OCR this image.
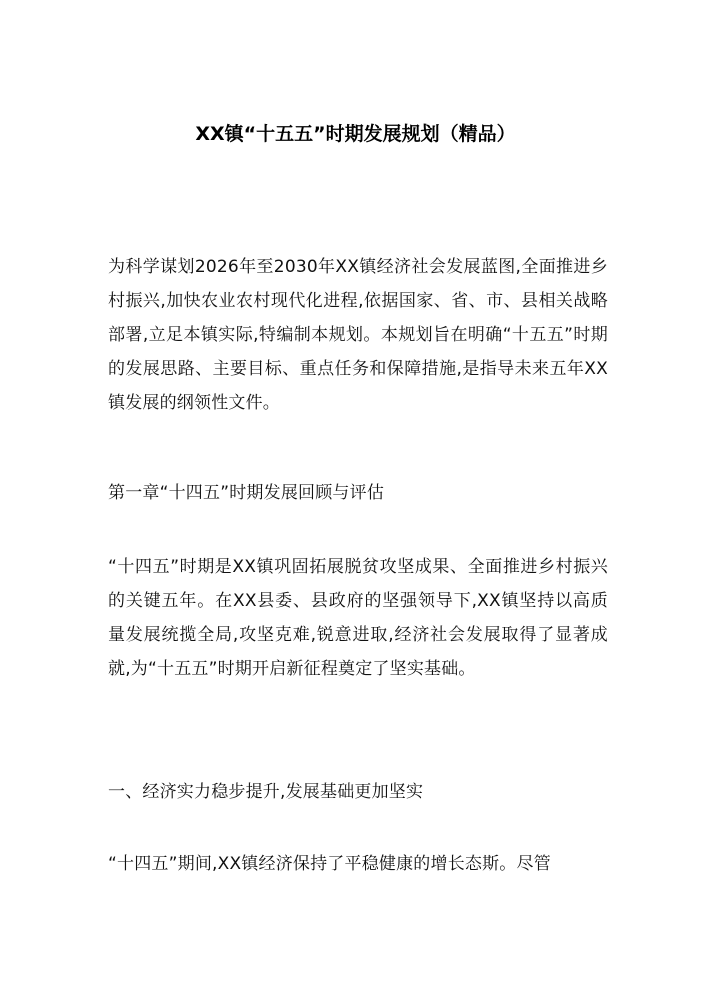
XX镇“十五五”时期发展规划（精品）

为科学谋划2026年至2030年XX镇经济社会发展蓝图,全面推进乡村振兴,加快农业农村现代化进程,依据国家、省、市、县相关战略部署,立足本镇实际,特编制本规划。本规划旨在明确“十五五”时期的发展思路、主要目标、重点任务和保障措施,是指导未来五年XX镇发展的纲领性文件。

第一章“十四五”时期发展回顾与评估

“十四五”时期是XX镇巩固拓展脱贫攻坚成果、全面推进乡村振兴的关键五年。在XX县委、县政府的坚强领导下,XX镇坚持以高质量发展统揽全局,攻坚克难,锐意进取,经济社会发展取得了显著成就,为“十五五”时期开启新征程奠定了坚实基础。

一、经济实力稳步提升,发展基础更加坚实

“十四五”期间,XX镇经济保持了平稳健康的增长态斯。尽管
